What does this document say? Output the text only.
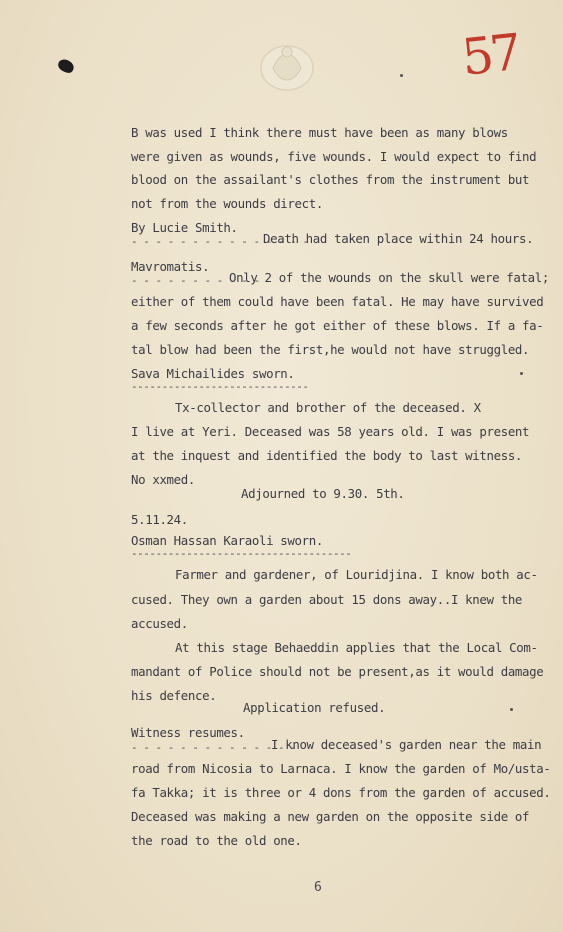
57
B was used I think there must have been as many blows
were given as wounds, five wounds. I would expect to find
blood on the assailant's clothes from the instrument but
not from the wounds direct.
By Lucie Smith.
- - - - - - - - - - - - - - -
Death had taken place within 24 hours.
Mavromatis.
- - - - - - - - - - -
Only 2 of the wounds on the skull were fatal;
either of them could have been fatal. He may have survived
a few seconds after he got either of these blows. If a fa-
tal blow had been the first,he would not have struggled.
Sava Michailides sworn.
-----------------------------
Tx-collector and brother of the deceased. X
I live at Yeri. Deceased was 58 years old. I was present
at the inquest and identified the body to last witness.
No xxmed.
Adjourned to 9.30. 5th.
5.11.24.
Osman Hassan Karaoli sworn.
------------------------------------
Farmer and gardener, of Louridjina. I know both ac-
cused. They own a garden about 15 dons away..I knew the
accused.
At this stage Behaeddin applies that the Local Com-
mandant of Police should not be present,as it would damage
his defence.
Application refused.
Witness resumes.
- - - - - - - - - - - - - -
I know deceased's garden near the main
road from Nicosia to Larnaca. I know the garden of Mo/usta-
fa Takka; it is three or 4 dons from the garden of accused.
Deceased was making a new garden on the opposite side of
the road to the old one.
6
